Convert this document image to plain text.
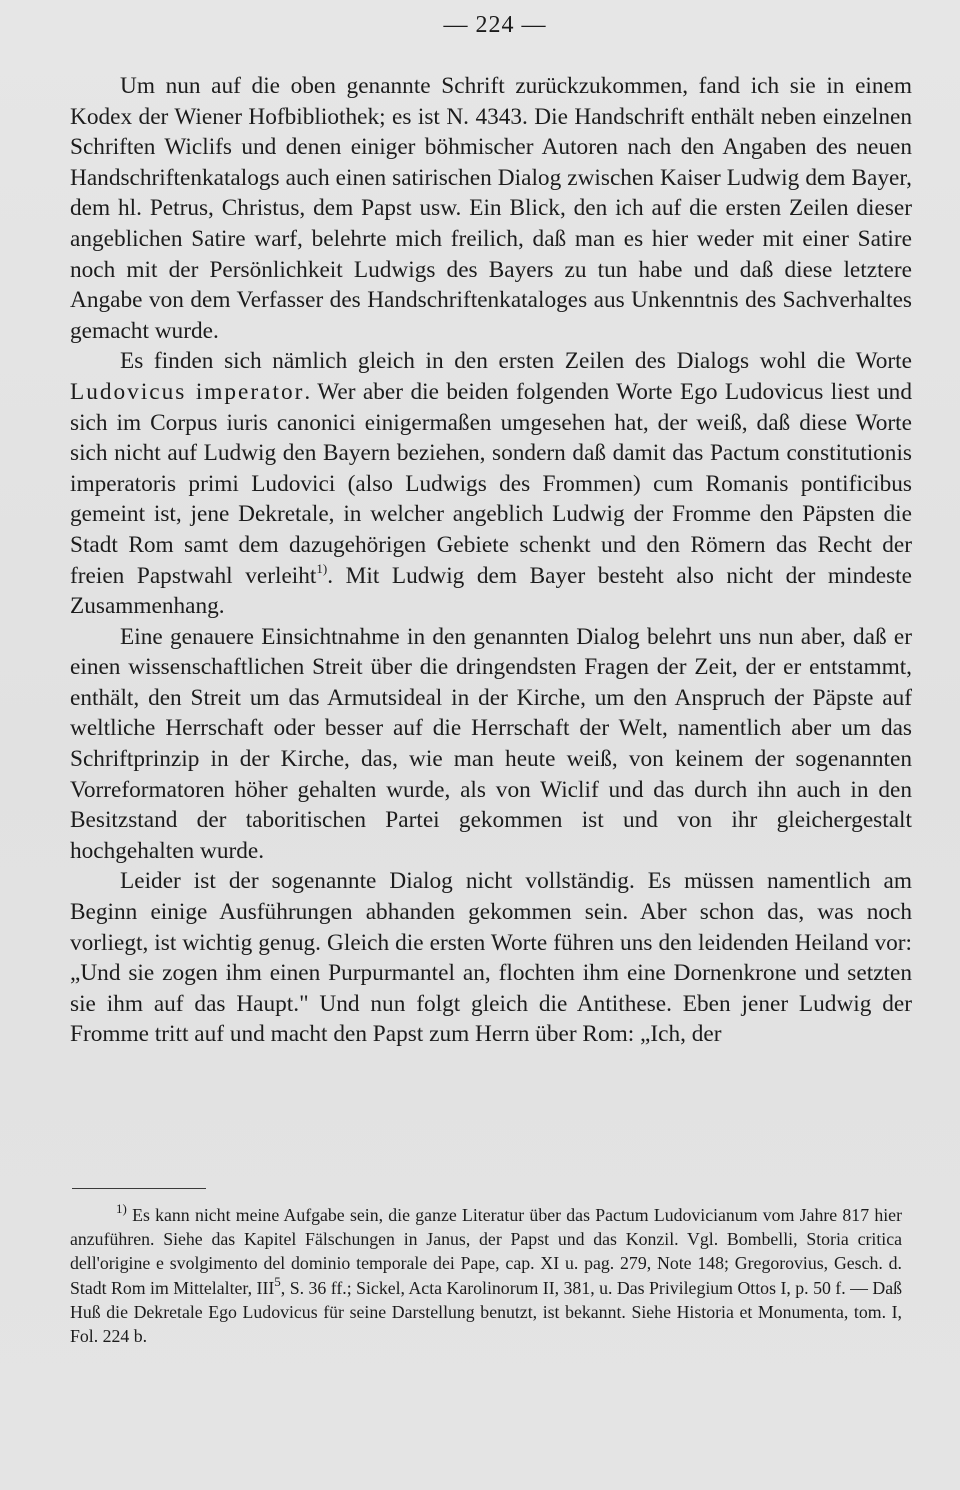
— 224 —

Um nun auf die oben genannte Schrift zurückzukommen, fand ich sie in einem Kodex der Wiener Hofbibliothek; es ist N. 4343. Die Handschrift enthält neben einzelnen Schriften Wiclifs und denen einiger böhmischer Autoren nach den Angaben des neuen Handschriftenkatalogs auch einen satirischen Dialog zwischen Kaiser Ludwig dem Bayer, dem hl. Petrus, Christus, dem Papst usw. Ein Blick, den ich auf die ersten Zeilen dieser angeblichen Satire warf, belehrte mich freilich, daß man es hier weder mit einer Satire noch mit der Persönlichkeit Ludwigs des Bayers zu tun habe und daß diese letztere Angabe von dem Verfasser des Handschriftenkataloges aus Unkenntnis des Sachverhaltes gemacht wurde.

Es finden sich nämlich gleich in den ersten Zeilen des Dialogs wohl die Worte Ludovicus imperator. Wer aber die beiden folgenden Worte Ego Ludovicus liest und sich im Corpus iuris canonici einigermaßen umgesehen hat, der weiß, daß diese Worte sich nicht auf Ludwig den Bayern beziehen, sondern daß damit das Pactum constitutionis imperatoris primi Ludovici (also Ludwigs des Frommen) cum Romanis pontificibus gemeint ist, jene Dekretale, in welcher angeblich Ludwig der Fromme den Päpsten die Stadt Rom samt dem dazugehörigen Gebiete schenkt und den Römern das Recht der freien Papstwahl verleiht$^{1)}$. Mit Ludwig dem Bayer besteht also nicht der mindeste Zusammenhang.

Eine genauere Einsichtnahme in den genannten Dialog belehrt uns nun aber, daß er einen wissenschaftlichen Streit über die dringendsten Fragen der Zeit, der er entstammt, enthält, den Streit um das Armutsideal in der Kirche, um den Anspruch der Päpste auf weltliche Herrschaft oder besser auf die Herrschaft der Welt, namentlich aber um das Schriftprinzip in der Kirche, das, wie man heute weiß, von keinem der sogenannten Vorreformatoren höher gehalten wurde, als von Wiclif und das durch ihn auch in den Besitzstand der taboritischen Partei gekommen ist und von ihr gleichergestalt hochgehalten wurde.

Leider ist der sogenannte Dialog nicht vollständig. Es müssen namentlich am Beginn einige Ausführungen abhanden gekommen sein. Aber schon das, was noch vorliegt, ist wichtig genug. Gleich die ersten Worte führen uns den leidenden Heiland vor: „Und sie zogen ihm einen Purpurmantel an, flochten ihm eine Dornenkrone und setzten sie ihm auf das Haupt." Und nun folgt gleich die Antithese. Eben jener Ludwig der Fromme tritt auf und macht den Papst zum Herrn über Rom: „Ich, der

$^{1)}$ Es kann nicht meine Aufgabe sein, die ganze Literatur über das Pactum Ludovicianum vom Jahre 817 hier anzuführen. Siehe das Kapitel Fälschungen in Janus, der Papst und das Konzil. Vgl. Bombelli, Storia critica dell'origine e svolgimento del dominio temporale dei Pape, cap. XI u. pag. 279, Note 148; Gregorovius, Gesch. d. Stadt Rom im Mittelalter, III$^5$, S. 36 ff.; Sickel, Acta Karolinorum II, 381, u. Das Privilegium Ottos I, p. 50 f. — Daß Huß die Dekretale Ego Ludovicus für seine Darstellung benutzt, ist bekannt. Siehe Historia et Monumenta, tom. I, Fol. 224 b.
